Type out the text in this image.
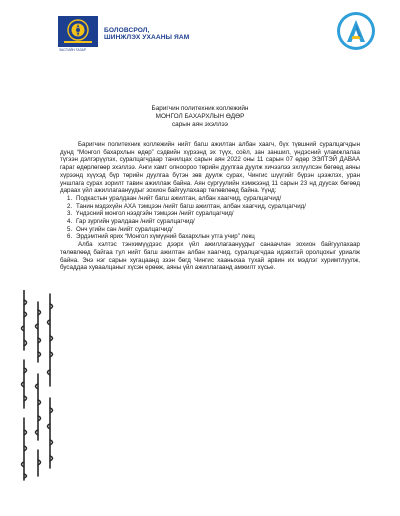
МОНГОЛ УЛСЫН ЗАСГИЙН ГАЗАР
БОЛОВСРОЛ,
ШИНЖЛЭХ УХААНЫ ЯАМ
Баригчин политехник коллежийн
МОНГОЛ БАХАРХЛЫН ӨДӨР
сарын аян эхэллээ

Баригчин политехник коллежийн нийт багш ажилтан албан хаагч, бүх түвшний суралцагчдын дунд “Монгол бахархлын өдөр” сэдвийн хүрээнд эх түүх, соёл, зан заншил, үндэсний уламжлалаа түгээн дэлгэрүүлэх, суралцагчдаар танилцах сарын аян 2022 оны 11 сарын 07 өдөр ЭЭЛТЭЙ ДАВАА гараг өдөрлөгөөр эхэллээ. Анги хамт олноороо төрийн дуулгаа дуулж хичээлээ эхлүүлсэн бөгөөд аяны хүрээнд хүүхэд бүр төрийн дуулгаа бүтэн зөв дуулж сурах, Чингис шүүгийг бүрэн цээжлэх, уран уншлага сурах зорилт тавин ажиллаж байна. Аян сургуулийн хэмжээнд 11 сарын 23 нд дуусах бөгөөд дараах үйл ажиллагаануудыг зохион байгуулахаар төлөвлөөд байна. Үүнд:

1. Подкастын уралдаан /нийт багш ажилтан, албан хаагчид, суралцагчид/
2. Танин мэдэхүйн АХА тэмцээн /нийт багш ажилтан, албан хаагчид, суралцагчид/
3. Үндэсний монгол нээдгэйн тэмцээн /нийт суралцагчид/
4. Гар зургийн уралдаан /нийт суралцагчид/
5. Онч угийн сан /нийт суралцагчид/
6. Эрдэмтний ярих “Монгол хүмүүний бахархлын утга учир” лекц

Алба хэлтэс тэнхимүүдээс дээрх үйл ажиллагаануудыг санаачлан зохион байгуулахаар төлөвлөөд байгаа тул нийт багш ажилтан албан хаагчид, суралцагчдаа идэвхтэй оролцохыг уриалж байна. Энэ нэг сарын хугацаанд зээн бөгд Чингис хааныхаа тухай арвин их мэдлэг хуримтлуулж, бусаддаа хуваалцаныг хүсэн ерөөж, аяны үйл ажиллагаанд амжилт хүсье.
